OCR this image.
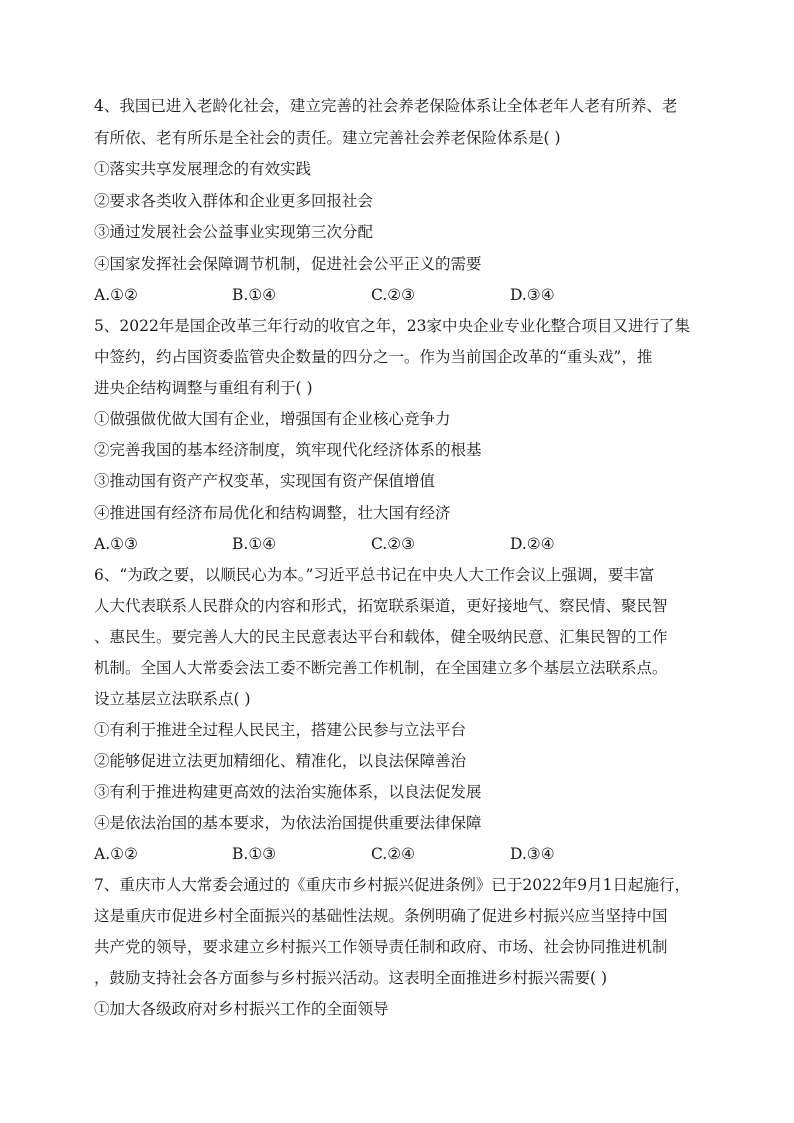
4、我国已进入老龄化社会，建立完善的社会养老保险体系让全体老年人老有所养、老
有所依、老有所乐是全社会的责任。建立完善社会养老保险体系是( )
①落实共享发展理念的有效实践
②要求各类收入群体和企业更多回报社会
③通过发展社会公益事业实现第三次分配
④国家发挥社会保障调节机制，促进社会公平正义的需要
A.①②	B.①④	C.②③	D.③④
5、2022年是国企改革三年行动的收官之年，23家中央企业专业化整合项目又进行了集
中签约，约占国资委监管央企数量的四分之一。作为当前国企改革的“重头戏”，推
进央企结构调整与重组有利于( )
①做强做优做大国有企业，增强国有企业核心竞争力
②完善我国的基本经济制度，筑牢现代化经济体系的根基
③推动国有资产产权变革，实现国有资产保值增值
④推进国有经济布局优化和结构调整，壮大国有经济
A.①③	B.①④	C.②③	D.②④
6、“为政之要，以顺民心为本。”习近平总书记在中央人大工作会议上强调，要丰富
人大代表联系人民群众的内容和形式，拓宽联系渠道，更好接地气、察民情、聚民智
、惠民生。要完善人大的民主民意表达平台和载体，健全吸纳民意、汇集民智的工作
机制。全国人大常委会法工委不断完善工作机制，在全国建立多个基层立法联系点。
设立基层立法联系点( )
①有利于推进全过程人民民主，搭建公民参与立法平台
②能够促进立法更加精细化、精准化，以良法保障善治
③有利于推进构建更高效的法治实施体系，以良法促发展
④是依法治国的基本要求，为依法治国提供重要法律保障
A.①②	B.①③	C.②④	D.③④
7、重庆市人大常委会通过的《重庆市乡村振兴促进条例》已于2022年9月1日起施行，
这是重庆市促进乡村全面振兴的基础性法规。条例明确了促进乡村振兴应当坚持中国
共产党的领导，要求建立乡村振兴工作领导责任制和政府、市场、社会协同推进机制
，鼓励支持社会各方面参与乡村振兴活动。这表明全面推进乡村振兴需要( )
①加大各级政府对乡村振兴工作的全面领导
